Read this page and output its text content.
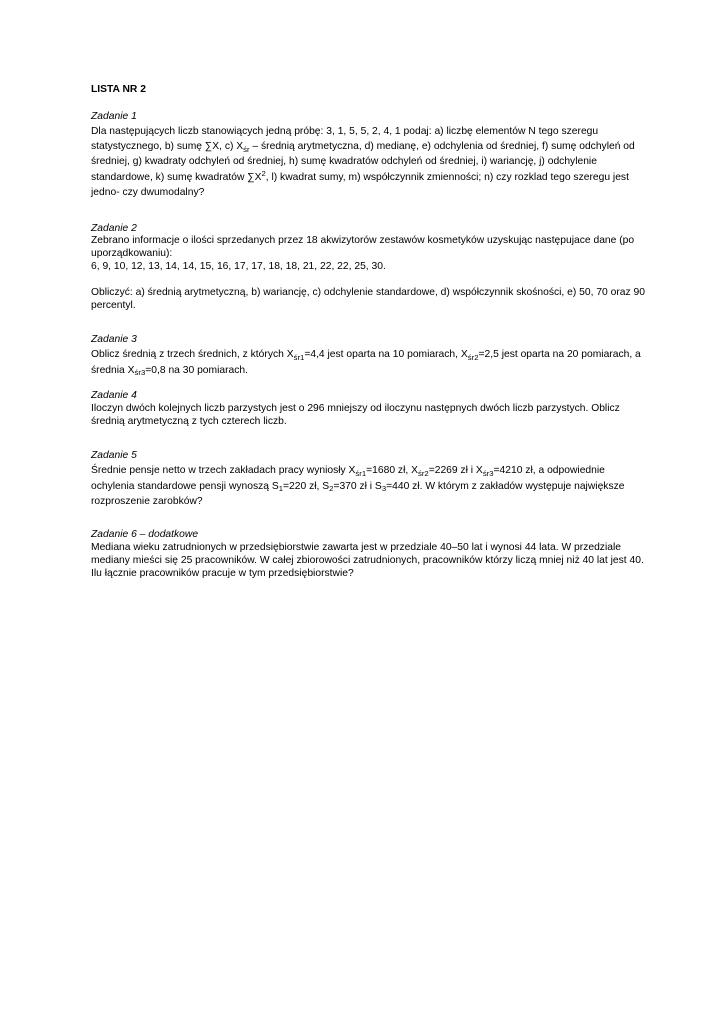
LISTA NR 2
Zadanie 1

Dla następujących liczb stanowiących jedną próbę: 3, 1, 5, 5, 2, 4, 1 podaj: a) liczbę elementów N tego szeregu statystycznego, b) sumę ∑X, c) $X_{śr}$ – średnią arytmetyczna, d) medianę, e) odchylenia od średniej, f) sumę odchyleń od średniej, g) kwadraty odchyleń od średniej, h) sumę kwadratów odchyleń od średniej, i) wariancję, j) odchylenie standardowe, k) sumę kwadratów $\sum X^2$, l) kwadrat sumy, m) współczynnik zmienności; n) czy rozklad tego szeregu jest jedno- czy dwumodalny?

Zadanie 2

Zebrano informacje o ilości sprzedanych przez 18 akwizytorów zestawów kosmetyków uzyskując następujace dane (po uporządkowaniu):

6, 9, 10, 12, 13, 14, 14, 15, 16, 17, 17, 18, 18, 21, 22, 22, 25, 30.

Obliczyć: a) średnią arytmetyczną, b) wariancję, c) odchylenie standardowe, d) współczynnik skośności, e) 50, 70 oraz 90 percentyl.

Zadanie 3

Oblicz średnią z trzech średnich, z których $X_{śr1}=4,4$ jest oparta na 10 pomiarach, $X_{śr2}=2,5$ jest oparta na 20 pomiarach, a średnia $X_{śr3}=0,8$ na 30 pomiarach.

Zadanie 4

Iloczyn dwóch kolejnych liczb parzystych jest o 296 mniejszy od iloczynu następnych dwóch liczb parzystych. Oblicz średnią arytmetyczną z tych czterech liczb.

Zadanie 5

Średnie pensje netto w trzech zakładach pracy wyniosły $X_{śr1}=1680$ zł, $X_{śr2}=2269$ zł i $X_{śr3}=4210$ zł, a odpowiednie ochylenia standardowe pensji wynoszą $S_1=220$ zł, $S_2=370$ zł i $S_3=440$ zł. W którym z zakładów występuje największe rozproszenie zarobków?

Zadanie 6 – dodatkowe

Mediana wieku zatrudnionych w przedsiębiorstwie zawarta jest w przedziale 40–50 lat i wynosi 44 lata. W przedziale mediany mieści się 25 pracowników. W całej zbiorowości zatrudnionych, pracowników którzy liczą mniej niż 40 lat jest 40. Ilu łącznie pracowników pracuje w tym przedsiębiorstwie?
